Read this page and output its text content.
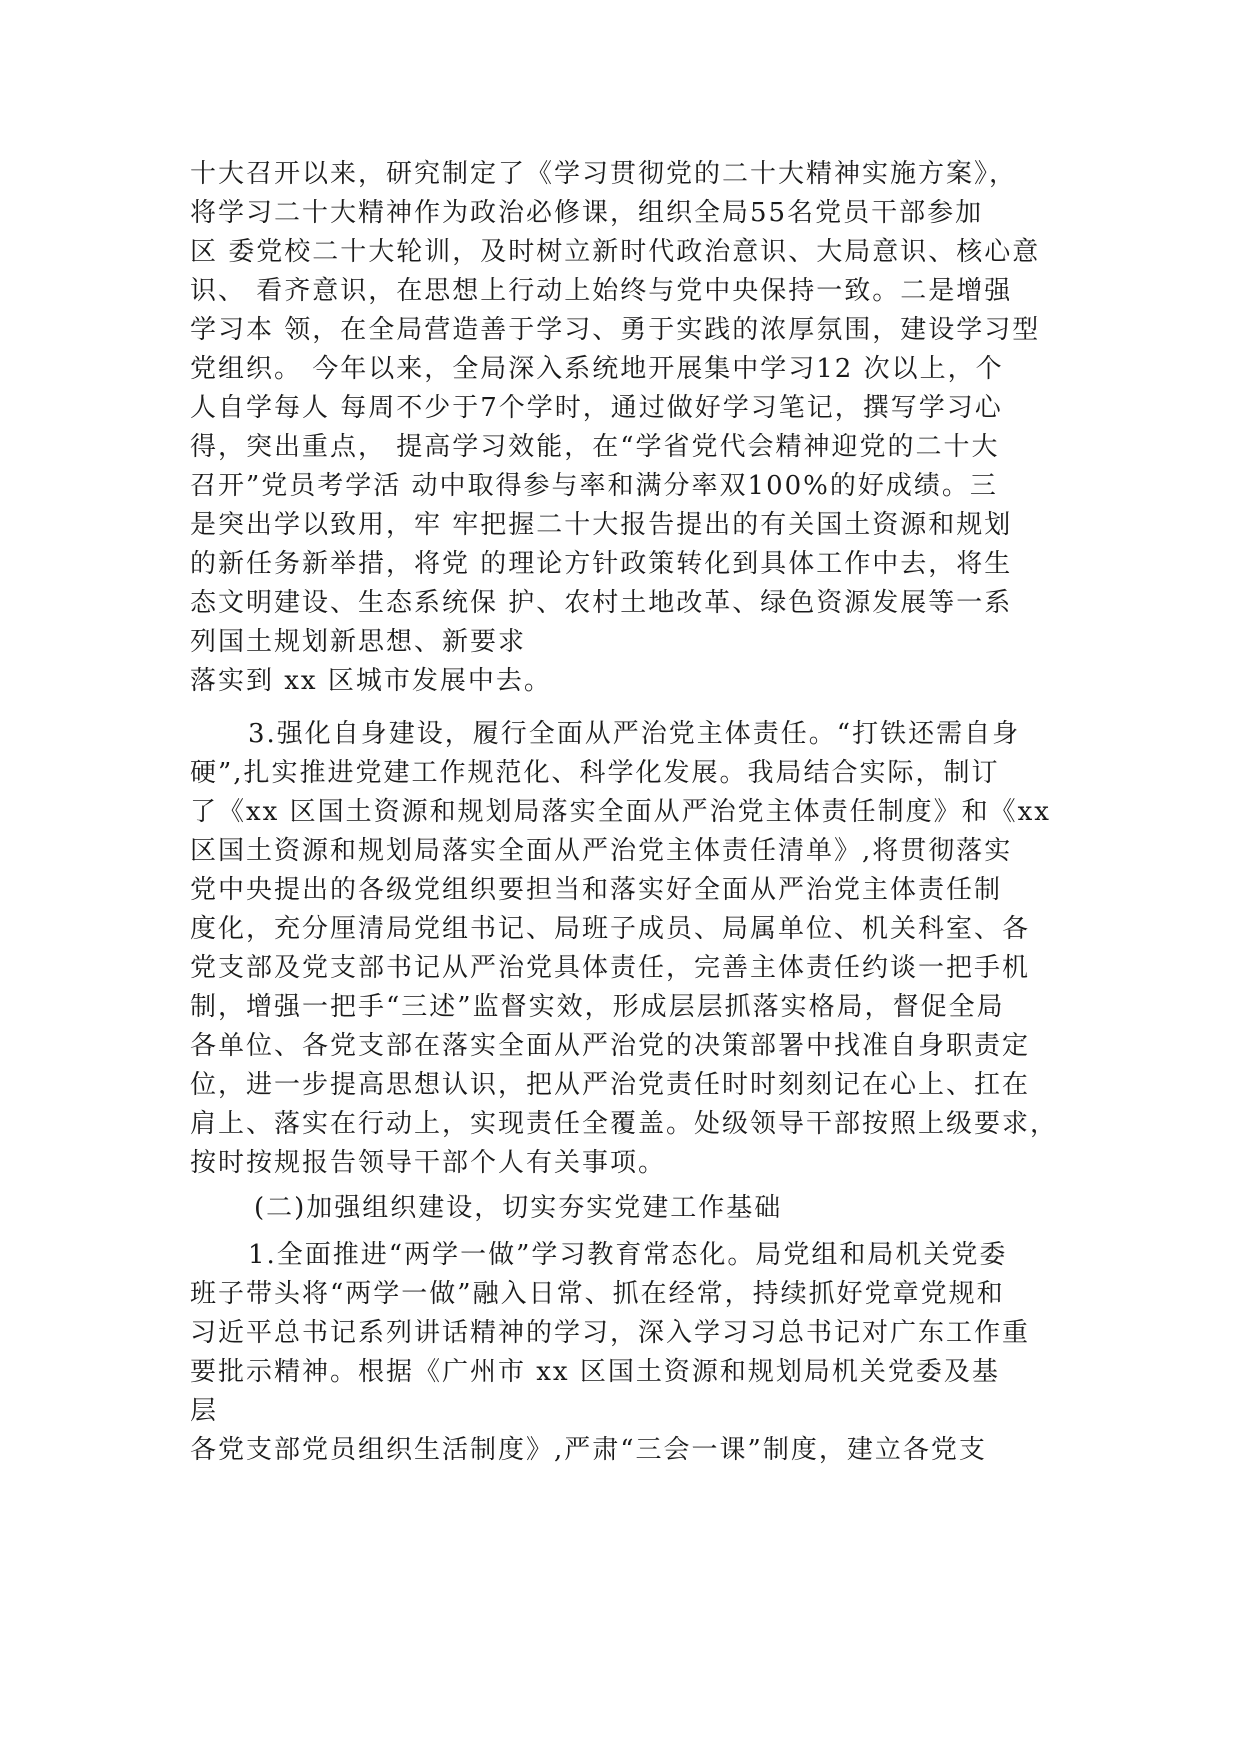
十大召开以来，研究制定了《学习贯彻党的二十大精神实施方案》，
将学习二十大精神作为政治必修课，组织全局55名党员干部参加
区 委党校二十大轮训，及时树立新时代政治意识、大局意识、核心意
识、 看齐意识，在思想上行动上始终与党中央保持一致。二是增强
学习本 领，在全局营造善于学习、勇于实践的浓厚氛围，建设学习型
党组织。 今年以来，全局深入系统地开展集中学习12 次以上，个
人自学每人 每周不少于7个学时，通过做好学习笔记，撰写学习心
得，突出重点， 提高学习效能，在“学省党代会精神迎党的二十大
召开”党员考学活 动中取得参与率和满分率双100%的好成绩。三
是突出学以致用，牢 牢把握二十大报告提出的有关国土资源和规划
的新任务新举措，将党 的理论方针政策转化到具体工作中去，将生
态文明建设、生态系统保 护、农村土地改革、绿色资源发展等一系
列国土规划新思想、新要求
落实到 xx 区城市发展中去。
3.强化自身建设，履行全面从严治党主体责任。“打铁还需自身
硬”,扎实推进党建工作规范化、科学化发展。我局结合实际，制订
了《xx 区国土资源和规划局落实全面从严治党主体责任制度》和《xx
区国土资源和规划局落实全面从严治党主体责任清单》,将贯彻落实
党中央提出的各级党组织要担当和落实好全面从严治党主体责任制
度化，充分厘清局党组书记、局班子成员、局属单位、机关科室、各
党支部及党支部书记从严治党具体责任，完善主体责任约谈一把手机
制，增强一把手“三述”监督实效，形成层层抓落实格局，督促全局
各单位、各党支部在落实全面从严治党的决策部署中找准自身职责定
位，进一步提高思想认识，把从严治党责任时时刻刻记在心上、扛在
肩上、落实在行动上，实现责任全覆盖。处级领导干部按照上级要求，
按时按规报告领导干部个人有关事项。
(二)加强组织建设，切实夯实党建工作基础
1.全面推进“两学一做”学习教育常态化。局党组和局机关党委
班子带头将“两学一做”融入日常、抓在经常，持续抓好党章党规和
习近平总书记系列讲话精神的学习，深入学习习总书记对广东工作重
要批示精神。根据《广州市 xx 区国土资源和规划局机关党委及基
层
各党支部党员组织生活制度》,严肃“三会一课”制度，建立各党支
